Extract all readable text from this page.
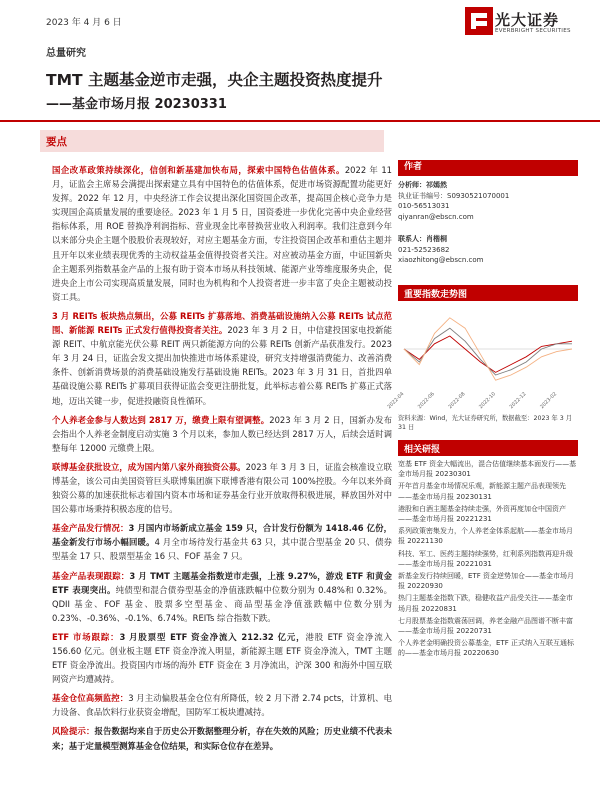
2023 年 4 月 6 日	光大证券
EVERBRIGHT SECURITIES
总量研究
TMT 主题基金逆市走强，央企主题投资热度提升
——基金市场月报 20230331
要点

国企改革政策持续深化，信创和新基建加快布局，探索中国特色估值体系。2022 年 11 月，证监会主席易会满提出探索建立具有中国特色的估值体系，促进市场资源配置功能更好发挥。2022 年 12 月，中央经济工作会议提出深化国资国企改革，提高国企核心竞争力是实现国企高质量发展的重要途径。2023 年 1 月 5 日，国资委进一步优化完善中央企业经营指标体系，用 ROE 替换净利润指标、营业现金比率替换营业收入利润率。我们注意到今年以来部分央企主题个股股价表现较好，对应主题基金方面，专注投资国企改革和重估主题并且开年以来业绩表现优秀的主动权益基金值得投资者关注。对应被动基金方面，中证国新央企主题系列指数基金产品的上报有助于资本市场从科技领域、能源产业等维度服务央企，促进央企上市公司实现高质量发展，同时也为机构和个人投资者进一步丰富了央企主题被动投资工具。

3 月 REITs 板块热点频出，公募 REITs 扩募落地、消费基础设施纳入公募 REITs 试点范围、新能源 REITs 正式发行值得投资者关注。2023 年 3 月 2 日，中信建投国家电投新能源 REIT、中航京能光伏公募 REIT 两只新能源方向的公募 REITs 创新产品获准发行。2023 年 3 月 24 日，证监会发文提出加快推进市场体系建设，研究支持增强消费能力、改善消费条件、创新消费场景的消费基础设施发行基础设施 REITs。2023 年 3 月 31 日，首批四单基础设施公募 REITs 扩募项目获得证监会变更注册批复，此举标志着公募 REITs 扩募正式落地，迈出关键一步，促进投融资良性循环。

个人养老金参与人数达到 2817 万，缴费上限有望调整。2023 年 3 月 2 日，国新办发布会指出个人养老金制度启动实施 3 个月以来，参加人数已经达到 2817 万人，后续会适时调整每年 12000 元缴费上限。

联博基金获批设立，成为国内第八家外商独资公募。2023 年 3 月 3 日，证监会核准设立联博基金，该公司由美国资管巨头联博集团旗下联博香港有限公司 100%控股。今年以来外商独资公募的加速获批标志着国内资本市场和证券基金行业开放取得积极进展，释放国外对中国公募市场秉持积极态度的信号。

基金产品发行情况：3 月国内市场新成立基金 159 只，合计发行份额为 1418.46 亿份，基金新发行市场小幅回暖。4 月全市场待发行基金共 63 只，其中混合型基金 20 只、债券型基金 17 只、股票型基金 16 只、FOF 基金 7 只。

基金产品表现跟踪：3 月 TMT 主题基金指数逆市走强，上涨 9.27%，游戏 ETF 和黄金 ETF 表现突出。纯债型和混合债券型基金的净值涨跌幅中位数分别为 0.48%和 0.32%。QDII 基金、FOF 基金、股票多空型基金、商品型基金净值涨跌幅中位数分别为 0.23%、-0.36%、-0.1%、6.74%。REITs 综合指数下跌。

ETF 市场跟踪：3 月股票型 ETF 资金净流入 212.32 亿元，港股 ETF 资金净流入 156.60 亿元。创业板主题 ETF 资金净流入明显，新能源主题 ETF 资金净流入，TMT 主题 ETF 资金净流出。投资国内市场的海外 ETF 资金在 3 月净流出，沪深 300 和海外中国互联网资产均遭减持。

基金仓位高频监控：3 月主动偏股基金仓位有所降低，较 2 月下滑 2.74 pcts，计算机、电力设备、食品饮料行业获资金增配，国防军工板块遭减持。

风险提示：报告数据均来自于历史公开数据整理分析，存在失效的风险；历史业绩不代表未来；基于定量模型测算基金仓位结果，和实际仓位存在差异。

作者
分析师：祁嫣然
执业证书编号：S0930521070001
010-56513031
qiyanran@ebscn.com
联系人：肖楷桐
021-52523682
xiaozhitong@ebscn.com
重要指数走势图
2022-04 2022-06 2022-08 2022-10 2022-12 2023-02
资料来源：Wind，光大证券研究所，数据截至：2023 年 3 月 31 日
相关研报
宽基 ETF 资金大幅流出，混合估值继续基本面发行——基金市场月报 20230301
开年首月基金市场情况乐观，新能源主题产品表现领先——基金市场月报 20230131
港股和白酒主题基金持续走强，外资再度加仓中国资产——基金市场月报 20221231
系列政策密集发力，个人养老金体系起航——基金市场月报 20221130
科技、军工、医药主题持续强势，红利系列指数再迎升级——基金市场月报 20221031
新基金发行持续回暖，ETF 资金逆势加仓——基金市场月报 20220930
热门主题基金指数下跌，稳健收益产品受关注——基金市场月报 20220831
七月股票基金指数震荡回调，养老金融产品图谱不断丰富——基金市场月报 20220731
个人养老金明确投资公募基金，ETF 正式纳入互联互通标的——基金市场月报 20220630
